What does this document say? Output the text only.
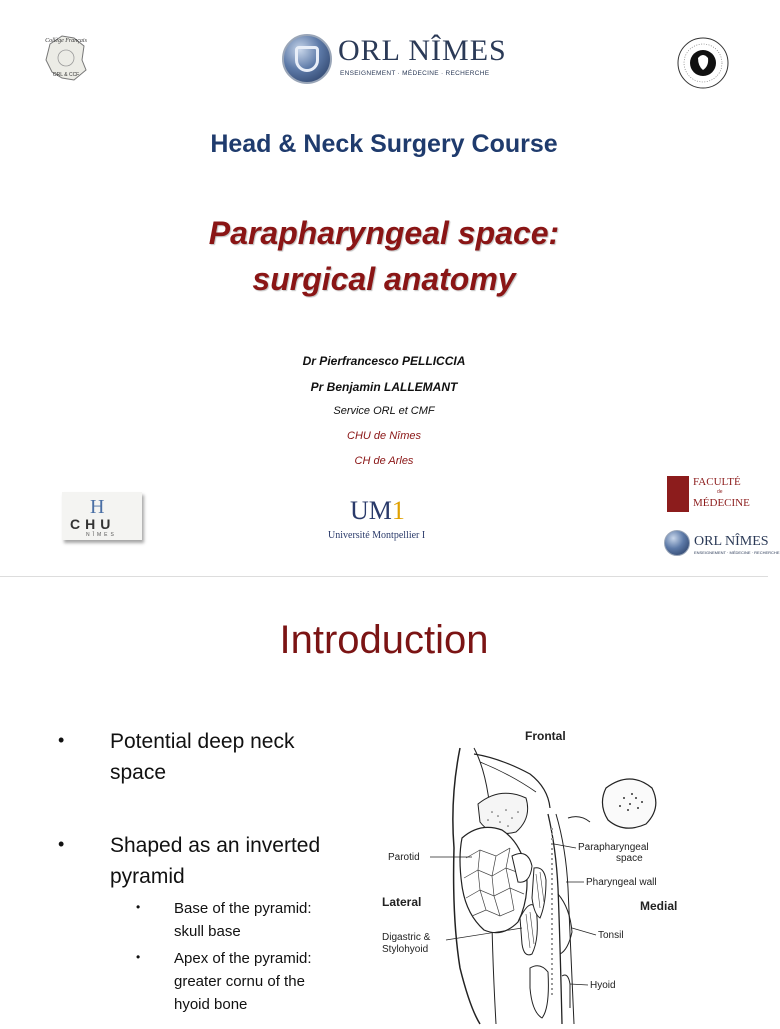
Collège Français
ORL & CCF
ORL NÎMES
ENSEIGNEMENT · MÉDECINE · RECHERCHE
Head & Neck Surgery Course
Parapharyngeal space:
surgical anatomy
Dr Pierfrancesco PELLICCIA
Pr Benjamin LALLEMANT
Service ORL et CMF
CHU de Nîmes
CH de Arles
H
CHU
NÎMES
UM1
Université Montpellier I
FACULTÉ
de
MÉDECINE
ORL NÎMES
ENSEIGNEMENT · MÉDECINE · RECHERCHE
Introduction
• Potential deep neck
space
• Shaped as an inverted
pyramid
• Base of the pyramid:
skull base
• Apex of the pyramid:
greater cornu of the
hyoid bone
Frontal
Lateral	Medial
Parotid
Parapharyngeal
space
Pharyngeal wall
Digastric &
Stylohyoid
Tonsil
Hyoid
